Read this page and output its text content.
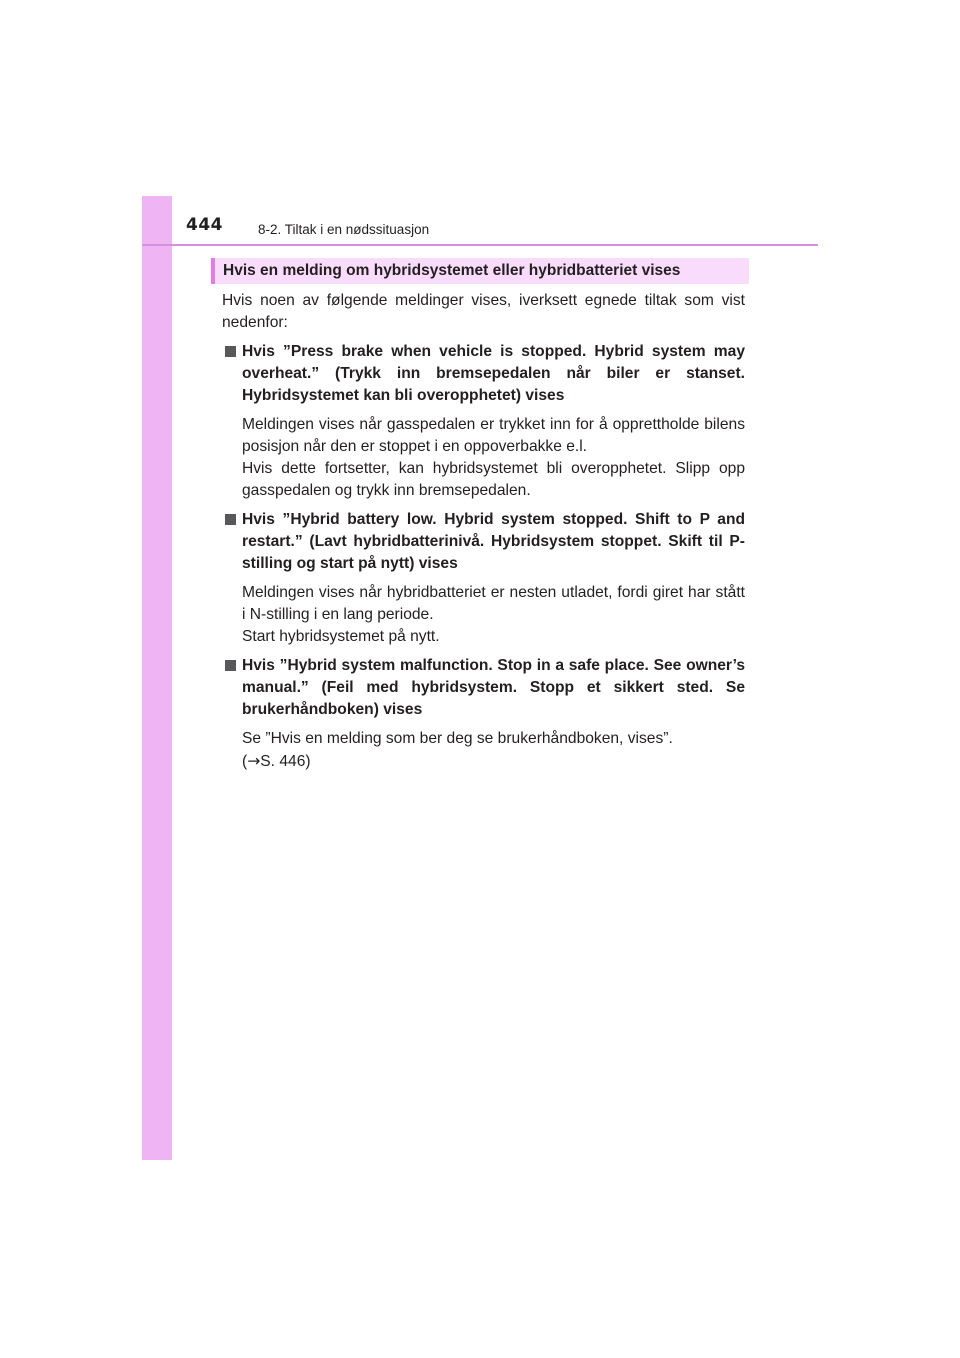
444	8-2. Tiltak i en nødssituasjon
Hvis en melding om hybridsystemet eller hybridbatteriet vises

Hvis noen av følgende meldinger vises, iverksett egnede tiltak som vist nedenfor:

Hvis ”Press brake when vehicle is stopped. Hybrid system may overheat.” (Trykk inn bremsepedalen når biler er stanset. Hybridsystemet kan bli overopphetet) vises

Meldingen vises når gasspedalen er trykket inn for å opprettholde bilens posisjon når den er stoppet i en oppoverbakke e.l.

Hvis dette fortsetter, kan hybridsystemet bli overopphetet. Slipp opp gasspedalen og trykk inn bremsepedalen.

Hvis ”Hybrid battery low. Hybrid system stopped. Shift to P and restart.” (Lavt hybridbatterinivå. Hybridsystem stoppet. Skift til P-stilling og start på nytt) vises

Meldingen vises når hybridbatteriet er nesten utladet, fordi giret har stått i N-stilling i en lang periode.

Start hybridsystemet på nytt.

Hvis ”Hybrid system malfunction. Stop in a safe place. See owner’s manual.” (Feil med hybridsystem. Stopp et sikkert sted. Se brukerhåndboken) vises

Se ”Hvis en melding som ber deg se brukerhåndboken, vises”.

(→S. 446)
